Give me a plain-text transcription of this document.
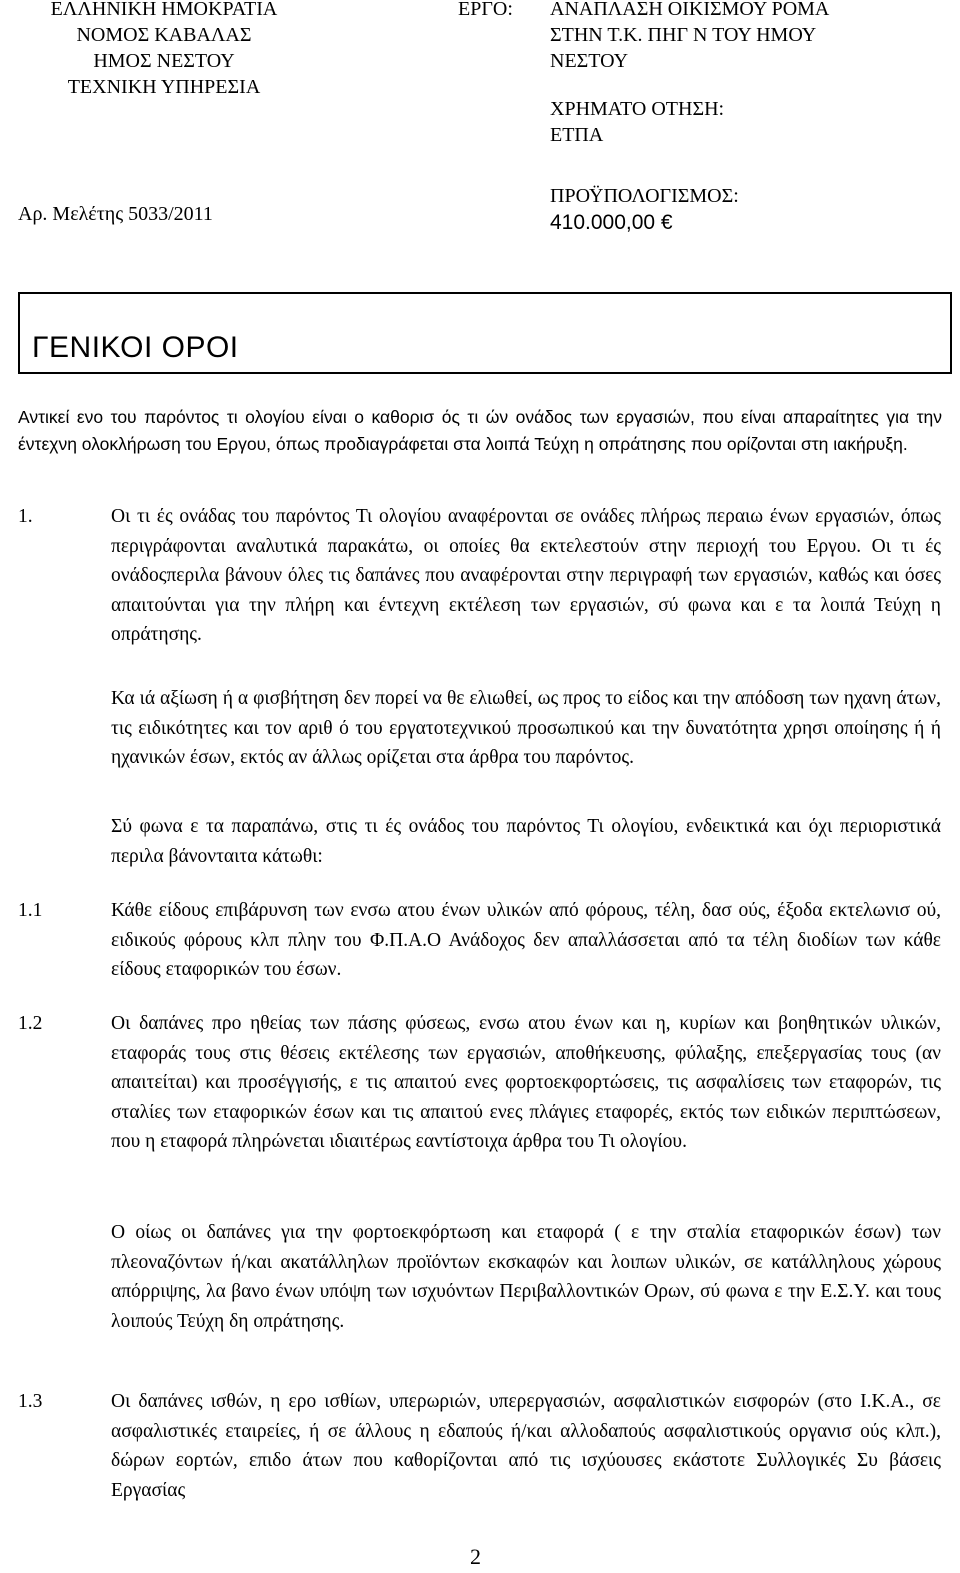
ΕΛΛΗΝΙΚΗ ΗΜΟΚΡΑΤΙΑ
ΝΟΜΟΣ ΚΑΒΑΛΑΣ
ΗΜΟΣ ΝΕΣΤΟΥ
ΤΕΧΝΙΚΗ ΥΠΗΡΕΣΙΑ
ΕΡΓΟ: ΑΝΑΠΛΑΣΗ ΟΙΚΙΣΜΟΥ ΡΟΜΑ
ΣΤΗΝ Τ.Κ. ΠΗΓ Ν ΤΟΥ ΗΜΟΥ
ΝΕΣΤΟΥ
ΧΡΗΜΑΤΟ ΟΤΗΣΗ:
ΕΤΠΑ
Αρ. Μελέτης 5033/2011
ΠΡΟΫΠΟΛΟΓΙΣΜΟΣ:
410.000,00 €
ΓΕΝΙΚΟΙ ΟΡΟΙ
Αντικεί ενο του παρόντος τι ολογίου είναι ο καθορισ ός τι ών ονάδος των εργασιών, που είναι απαραίτητες για την έντεχνη ολοκλήρωση του Εργου, όπως προδιαγράφεται στα λοιπά Τεύχη η οπράτησης που ορίζονται στη ιακήρυξη.
1.	Οι τι ές ονάδας του παρόντος Τι ολογίου αναφέρονται σε ονάδες πλήρως περαιω ένων εργασιών, όπως περιγράφονται αναλυτικά παρακάτω, οι οποίες θα εκτελεστούν στην περιοχή του Εργου. Οι τι ές ονάδοςπεριλα βάνουν όλες τις δαπάνες που αναφέρονται στην περιγραφή των εργασιών, καθώς και όσες απαιτούνται για την πλήρη και έντεχνη εκτέλεση των εργασιών, σύ φωνα και ε τα λοιπά Τεύχη η οπράτησης.
Κα ιά αξίωση ή α φισβήτηση δεν πορεί να θε ελιωθεί, ως προς το είδος και την απόδοση των ηχανη άτων, τις ειδικότητες και τον αριθ ό του εργατοτεχνικού προσωπικού και την δυνατότητα χρησι οποίησης ή ή ηχανικών έσων, εκτός αν άλλως ορίζεται στα άρθρα του παρόντος.
Σύ φωνα ε τα παραπάνω, στις τι ές ονάδος του παρόντος Τι ολογίου, ενδεικτικά και όχι περιοριστικά περιλα βάνονταιτα κάτωθι:
1.1	Κάθε είδους επιβάρυνση των ενσω ατου ένων υλικών από φόρους, τέλη, δασ ούς, έξοδα εκτελωνισ ού, ειδικούς φόρους κλπ πλην του Φ.Π.Α.Ο Ανάδοχος δεν απαλλάσσεται από τα τέλη διοδίων των κάθε είδους εταφορικών του έσων.
1.2	Οι δαπάνες προ ηθείας των πάσης φύσεως, ενσω ατου ένων και η, κυρίων και βοηθητικών υλικών, εταφοράς τους στις θέσεις εκτέλεσης των εργασιών, αποθήκευσης, φύλαξης, επεξεργασίας τους (αν απαιτείται) και προσέγγισής, ε τις απαιτού ενες φορτοεκφορτώσεις, τις ασφαλίσεις των εταφορών, τις σταλίες των εταφορικών έσων και τις απαιτού ενες πλάγιες εταφορές, εκτός των ειδικών περιπτώσεων, που η εταφορά πληρώνεται ιδιαιτέρως εαντίστοιχα άρθρα του Τι ολογίου.
Ο οίως οι δαπάνες για την φορτοεκφόρτωση και εταφορά ( ε την σταλία εταφορικών έσων) των πλεοναζόντων ή/και ακατάλληλων προϊόντων εκσκαφών και λοιπων υλικών, σε κατάλληλους χώρους απόρριψης, λα βανο ένων υπόψη των ισχυόντων Περιβαλλοντικών Ορων, σύ φωνα ε την Ε.Σ.Υ. και τους λοιπούς Τεύχη δη οπράτησης.
1.3	Οι δαπάνες ισθών, η ερο ισθίων, υπερωριών, υπερεργασιών, ασφαλιστικών εισφορών (στο Ι.Κ.Α., σε ασφαλιστικές εταιρείες, ή σε άλλους η εδαπούς ή/και αλλοδαπούς ασφαλιστικούς οργανισ ούς κλπ.), δώρων εορτών, επιδο άτων που καθορίζονται από τις ισχύουσες εκάστοτε Συλλογικές Συ βάσεις Εργασίας
2
